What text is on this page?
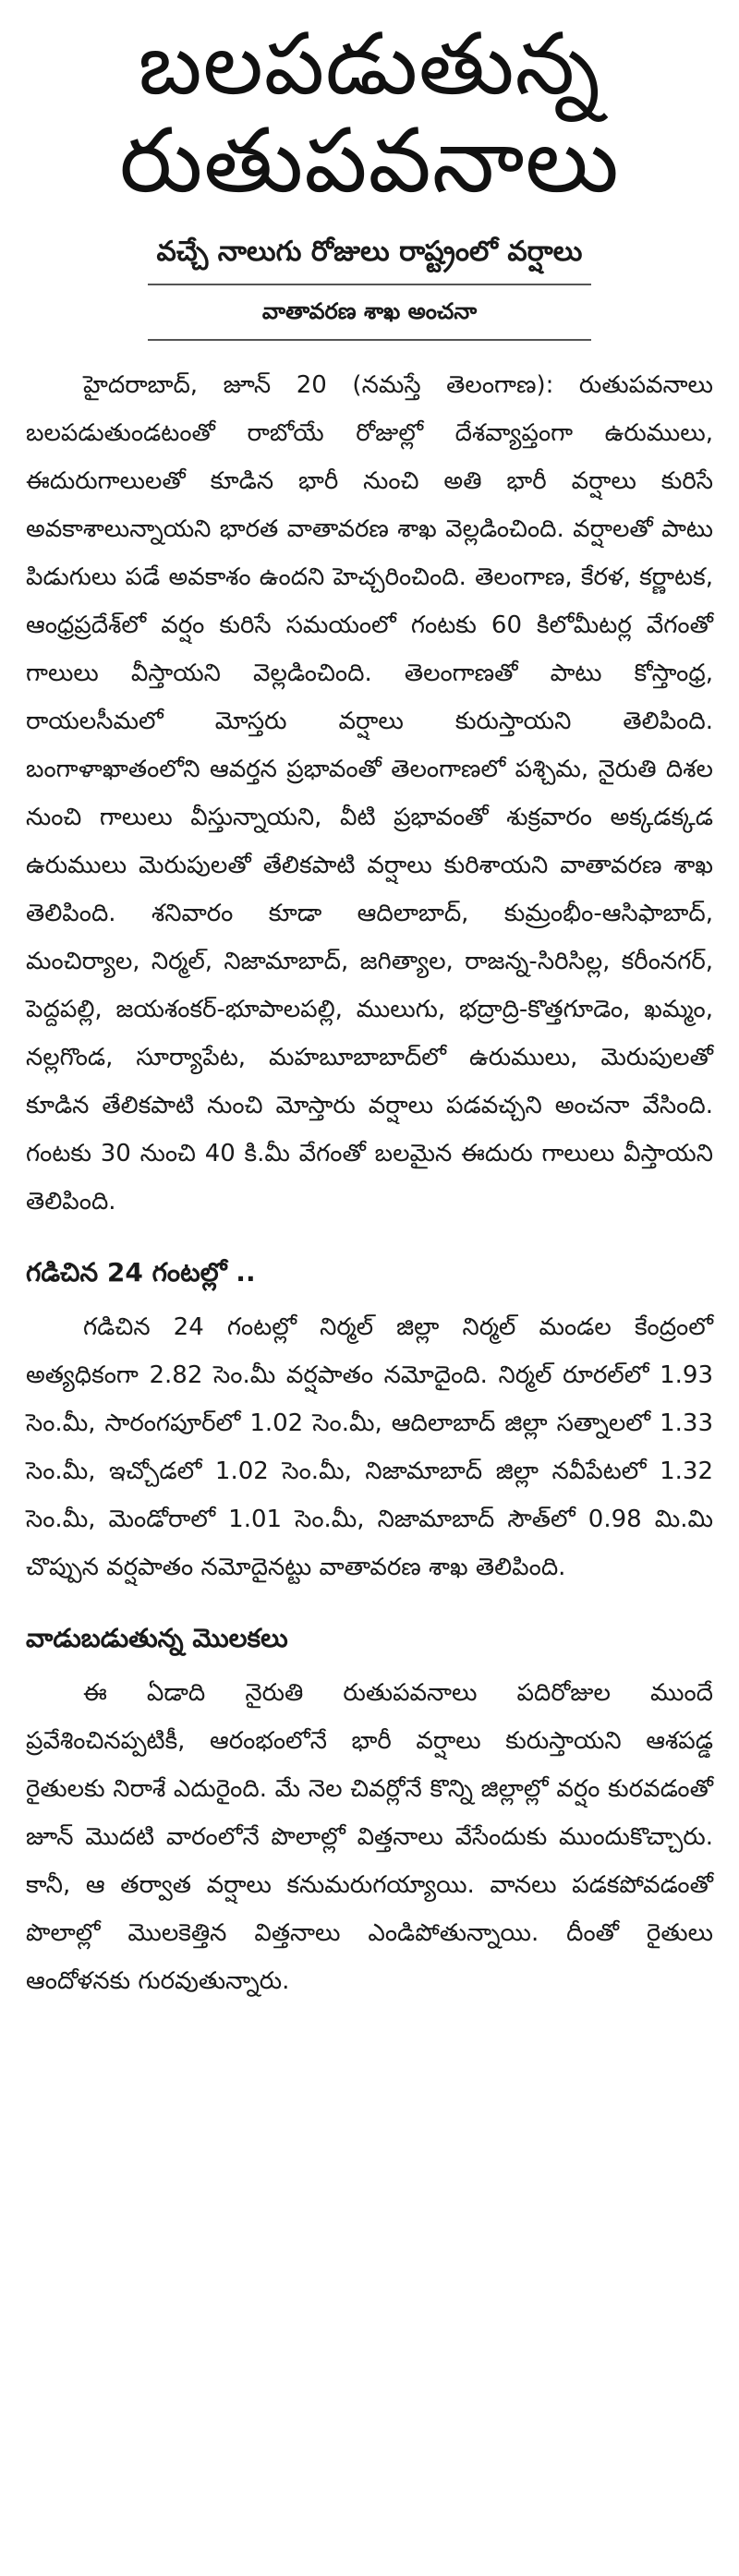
బలపడుతున్న
రుతుపవనాలు
వచ్చే నాలుగు రోజులు రాష్ట్రంలో వర్షాలు
వాతావరణ శాఖ అంచనా

హైదరాబాద్, జూన్ 20 (నమస్తే తెలంగాణ): రుతుపవనాలు బలపడుతుండటంతో రాబోయే రోజుల్లో దేశవ్యాప్తంగా ఉరుములు, ఈదురుగాలులతో కూడిన భారీ నుంచి అతి భారీ వర్షాలు కురిసే అవకాశాలున్నాయని భారత వాతావరణ శాఖ వెల్లడించింది. వర్షాలతో పాటు పిడుగులు పడే అవకాశం ఉందని హెచ్చరించింది. తెలంగాణ, కేరళ, కర్ణాటక, ఆంధ్రప్రదేశ్‌లో వర్షం కురిసే సమయంలో గంటకు 60 కిలోమీటర్ల వేగంతో గాలులు వీస్తాయని వెల్లడించింది. తెలంగాణతో పాటు కోస్తాంధ్ర, రాయలసీమలో మోస్తరు వర్షాలు కురుస్తాయని తెలిపింది. బంగాళాఖాతంలోని ఆవర్తన ప్రభావంతో తెలంగాణలో పశ్చిమ, నైరుతి దిశల నుంచి గాలులు వీస్తున్నాయని, వీటి ప్రభావంతో శుక్రవారం అక్కడక్కడ ఉరుములు మెరుపులతో తేలికపాటి వర్షాలు కురిశాయని వాతావరణ శాఖ తెలిపింది. శనివారం కూడా ఆదిలాబాద్, కుమ్రంభీం-ఆసిఫాబాద్, మంచిర్యాల, నిర్మల్, నిజామాబాద్, జగిత్యాల, రాజన్న-సిరిసిల్ల, కరీంనగర్, పెద్దపల్లి, జయశంకర్-భూపాలపల్లి, ములుగు, భద్రాద్రి-కొత్తగూడెం, ఖమ్మం, నల్లగొండ, సూర్యాపేట, మహబూబాబాద్‌లో ఉరుములు, మెరుపులతో కూడిన తేలికపాటి నుంచి మోస్తారు వర్షాలు పడవచ్చని అంచనా వేసింది. గంటకు 30 నుంచి 40 కి.మీ వేగంతో బలమైన ఈదురు గాలులు వీస్తాయని తెలిపింది.

గడిచిన 24 గంటల్లో ..

గడిచిన 24 గంటల్లో నిర్మల్ జిల్లా నిర్మల్ మండల కేంద్రంలో అత్యధికంగా 2.82 సెం.మీ వర్షపాతం నమోదైంది. నిర్మల్ రూరల్‌లో 1.93 సెం.మీ, సారంగపూర్‌లో 1.02 సెం.మీ, ఆదిలాబాద్ జిల్లా సత్నాలలో 1.33 సెం.మీ, ఇచ్చోడలో 1.02 సెం.మీ, నిజామాబాద్ జిల్లా నవీపేటలో 1.32 సెం.మీ, మెండోరాలో 1.01 సెం.మీ, నిజామాబాద్ సౌత్‌లో 0.98 మి.మి చొప్పున వర్షపాతం నమోదైనట్టు వాతావరణ శాఖ తెలిపింది.

వాడుబడుతున్న మొలకలు

ఈ ఏడాది నైరుతి రుతుపవనాలు పదిరోజుల ముందే ప్రవేశించినప్పటికీ, ఆరంభంలోనే భారీ వర్షాలు కురుస్తాయని ఆశపడ్డ రైతులకు నిరాశే ఎదురైంది. మే నెల చివర్లోనే కొన్ని జిల్లాల్లో వర్షం కురవడంతో జూన్ మొదటి వారంలోనే పొలాల్లో విత్తనాలు వేసేందుకు ముందుకొచ్చారు. కానీ, ఆ తర్వాత వర్షాలు కనుమరుగయ్యాయి. వానలు పడకపోవడంతో పొలాల్లో మొలకెత్తిన విత్తనాలు ఎండిపోతున్నాయి. దీంతో రైతులు ఆందోళనకు గురవుతున్నారు.
